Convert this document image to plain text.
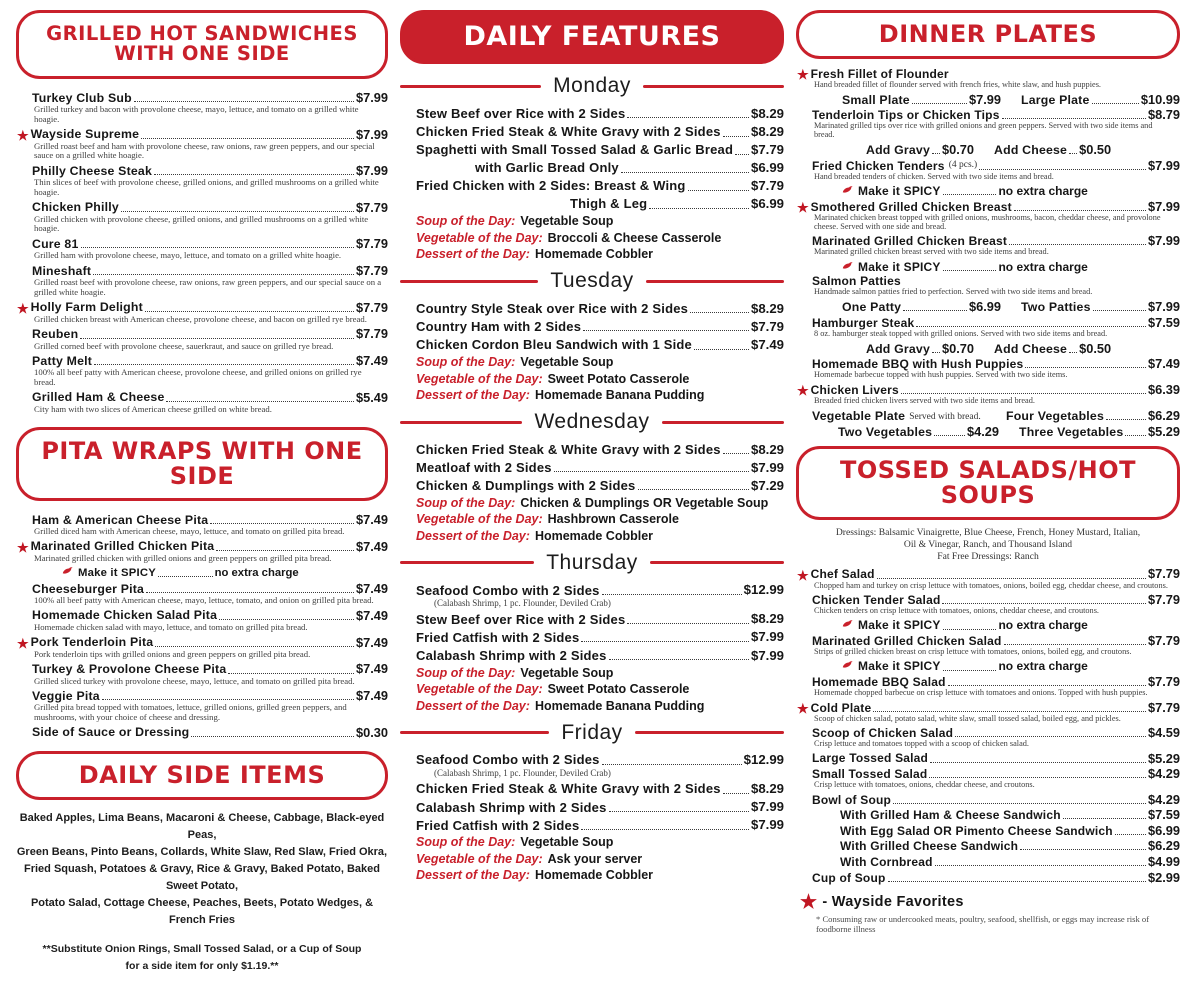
GRILLED HOT SANDWICHES WITH ONE SIDE
Turkey Club Sub	$7.99
Grilled turkey and bacon with provolone cheese, mayo, lettuce, and tomato on a grilled white hoagie.
★
Wayside Supreme	$7.99
Grilled roast beef and ham with provolone cheese, raw onions, raw green peppers, and our special sauce on a grilled white hoagie.
Philly Cheese Steak	$7.99
Thin slices of beef with provolone cheese, grilled onions, and grilled mushrooms on a grilled white hoagie.
Chicken Philly	$7.79
Grilled chicken with provolone cheese, grilled onions, and grilled mushrooms on a grilled white hoagie.
Cure 81	$7.79
Grilled ham with provolone cheese, mayo, lettuce, and tomato on a grilled white hoagie.
Mineshaft	$7.79
Grilled roast beef with provolone cheese, raw onions, raw green peppers, and our special sauce on a grilled white hoagie.
★
Holly Farm Delight	$7.79
Grilled chicken breast with American cheese, provolone cheese, and bacon on grilled rye bread.
Reuben	$7.79
Grilled corned beef with provolone cheese, sauerkraut, and sauce on grilled rye bread.
Patty Melt	$7.49
100% all beef patty with American cheese, provolone cheese, and grilled onions on grilled rye bread.
Grilled Ham & Cheese	$5.49
City ham with two slices of American cheese grilled on white bread.
PITA WRAPS WITH ONE SIDE
Ham & American Cheese Pita	$7.49
Grilled diced ham with American cheese, mayo, lettuce, and tomato on grilled pita bread.
★
Marinated Grilled Chicken Pita	$7.49
Marinated grilled chicken with grilled onions and green peppers on grilled pita bread.
Make it SPICY	no extra charge
Cheeseburger Pita	$7.49
100% all beef patty with American cheese, mayo, lettuce, tomato, and onion on grilled pita bread.
Homemade Chicken Salad Pita	$7.49
Homemade chicken salad with mayo, lettuce, and tomato on grilled pita bread.
★
Pork Tenderloin Pita	$7.49
Pork tenderloin tips with grilled onions and green peppers on grilled pita bread.
Turkey & Provolone Cheese Pita	$7.49
Grilled sliced turkey with provolone cheese, mayo, lettuce, and tomato on grilled pita bread.
Veggie Pita	$7.49
Grilled pita bread topped with tomatoes, lettuce, grilled onions, grilled green peppers, and mushrooms, with your choice of cheese and dressing.
Side of Sauce or Dressing	$0.30
DAILY SIDE ITEMS
Baked Apples, Lima Beans, Macaroni & Cheese, Cabbage, Black-eyed Peas,
Green Beans, Pinto Beans, Collards, White Slaw, Red Slaw, Fried Okra,
Fried Squash, Potatoes & Gravy, Rice & Gravy, Baked Potato, Baked Sweet Potato,
Potato Salad, Cottage Cheese, Peaches, Beets, Potato Wedges, & French Fries
**Substitute Onion Rings, Small Tossed Salad, or a Cup of Soup
for a side item for only $1.19.**
DAILY FEATURES
Monday
Stew Beef over Rice with 2 Sides	$8.29
Chicken Fried Steak & White Gravy with 2 Sides $8.29
Spaghetti with Small Tossed Salad & Garlic Bread $7.79
with Garlic Bread Only	$6.99
Fried Chicken with 2 Sides: Breast & Wing	$7.79
Thigh & Leg	$6.99
Soup of the Day: Vegetable Soup
Vegetable of the Day: Broccoli & Cheese Casserole
Dessert of the Day: Homemade Cobbler
Tuesday
Country Style Steak over Rice with 2 Sides	$8.29
Country Ham with 2 Sides	$7.79
Chicken Cordon Bleu Sandwich with 1 Side	$7.49
Soup of the Day: Vegetable Soup
Vegetable of the Day: Sweet Potato Casserole
Dessert of the Day: Homemade Banana Pudding
Wednesday
Chicken Fried Steak & White Gravy with 2 Sides $8.29
Meatloaf with 2 Sides	$7.99
Chicken & Dumplings with 2 Sides	$7.29
Soup of the Day: Chicken & Dumplings OR Vegetable Soup
Vegetable of the Day: Hashbrown Casserole
Dessert of the Day: Homemade Cobbler
Thursday
Seafood Combo with 2 Sides	$12.99
(Calabash Shrimp, 1 pc. Flounder, Deviled Crab)
Stew Beef over Rice with 2 Sides	$8.29
Fried Catfish with 2 Sides	$7.99
Calabash Shrimp with 2 Sides	$7.99
Soup of the Day: Vegetable Soup
Vegetable of the Day: Sweet Potato Casserole
Dessert of the Day: Homemade Banana Pudding
Friday
Seafood Combo with 2 Sides	$12.99
(Calabash Shrimp, 1 pc. Flounder, Deviled Crab)
Chicken Fried Steak & White Gravy with 2 Sides $8.29
Calabash Shrimp with 2 Sides	$7.99
Fried Catfish with 2 Sides	$7.99
Soup of the Day: Vegetable Soup
Vegetable of the Day: Ask your server
Dessert of the Day: Homemade Cobbler
DINNER PLATES
★
Fresh Fillet of Flounder
Hand breaded fillet of flounder served with french fries, white slaw, and hush puppies.
Small Plate	$7.99 Large Plate	$10.99
Tenderloin Tips or Chicken Tips	$8.79
Marinated grilled tips over rice with grilled onions and green peppers. Served with two side items and bread.
Add Gravy $0.70 Add Cheese $0.50
Fried Chicken Tenders (4 pcs.)	$7.99
Hand breaded tenders of chicken. Served with two side items and bread.
Make it SPICY	no extra charge
★
Smothered Grilled Chicken Breast	$7.99
Marinated chicken breast topped with grilled onions, mushrooms, bacon, cheddar cheese, and provolone cheese. Served with one side and bread.
Marinated Grilled Chicken Breast	$7.99
Marinated grilled chicken breast served with two side items and bread.
Make it SPICY	no extra charge
Salmon Patties
Handmade salmon patties fried to perfection. Served with two side items and bread.
One Patty	$6.99 Two Patties	$7.99
Hamburger Steak	$7.59
8 oz. hamburger steak topped with grilled onions. Served with two side items and bread.
Add Gravy $0.70 Add Cheese $0.50
Homemade BBQ with Hush Puppies	$7.49
Homemade barbecue topped with hush puppies. Served with two side items.
★
Chicken Livers	$6.39
Breaded fried chicken livers served with two side items and bread.
Vegetable Plate Served with bread. Four Vegetables	$6.29
Two Vegetables	$4.29 Three Vegetables $5.29
TOSSED SALADS/HOT SOUPS
Dressings: Balsamic Vinaigrette, Blue Cheese, French, Honey Mustard, Italian,
Oil & Vinegar, Ranch, and Thousand Island
Fat Free Dressings: Ranch
★
Chef Salad	$7.79
Chopped ham and turkey on crisp lettuce with tomatoes, onions, boiled egg, cheddar cheese, and croutons.
Chicken Tender Salad	$7.79
Chicken tenders on crisp lettuce with tomatoes, onions, cheddar cheese, and croutons.
Make it SPICY	no extra charge
Marinated Grilled Chicken Salad	$7.79
Strips of grilled chicken breast on crisp lettuce with tomatoes, onions, boiled egg, and croutons.
Make it SPICY	no extra charge
Homemade BBQ Salad	$7.79
Homemade chopped barbecue on crisp lettuce with tomatoes and onions. Topped with hush puppies.
★
Cold Plate	$7.79
Scoop of chicken salad, potato salad, white slaw, small tossed salad, boiled egg, and pickles.
Scoop of Chicken Salad	$4.59
Crisp lettuce and tomatoes topped with a scoop of chicken salad.
Large Tossed Salad	$5.29
Small Tossed Salad	$4.29
Crisp lettuce with tomatoes, onions, cheddar cheese, and croutons.
Bowl of Soup	$4.29
With Grilled Ham & Cheese Sandwich	$7.59
With Egg Salad OR Pimento Cheese Sandwich	$6.99
With Grilled Cheese Sandwich	$6.29
With Cornbread	$4.99
Cup of Soup	$2.99
★
- Wayside Favorites
* Consuming raw or undercooked meats, poultry, seafood, shellfish, or eggs may increase risk of foodborne illness
